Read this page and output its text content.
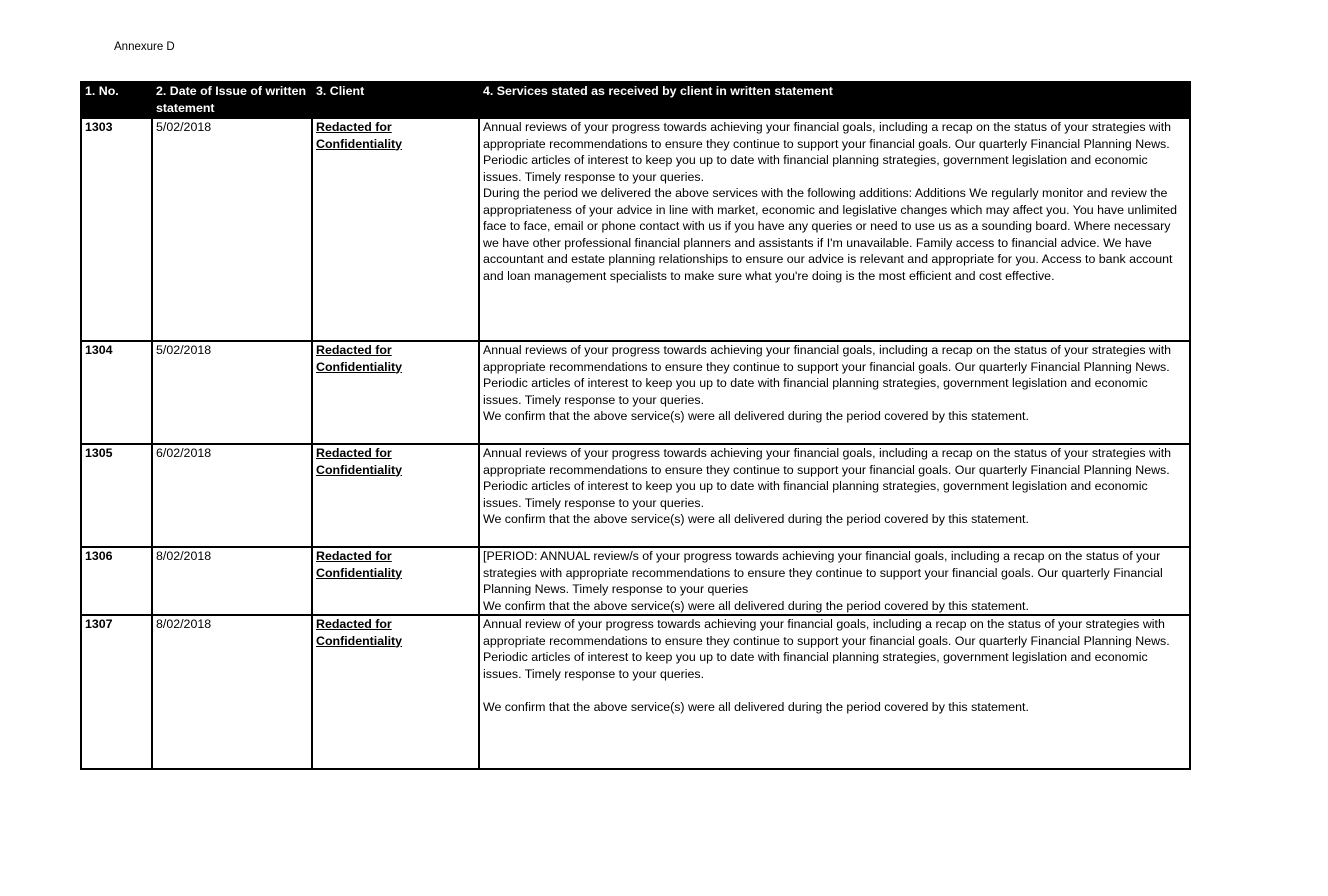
Annexure D
1. No.	2. Date of Issue of written statement	3. Client	4. Services stated as received by client in written statement
1303	5/02/2018	Redacted for Confidentiality	Annual reviews of your progress towards achieving your financial goals, including a recap on the status of your strategies with appropriate recommendations to ensure they continue to support your financial goals. Our quarterly Financial Planning News. Periodic articles of interest to keep you up to date with financial planning strategies, government legislation and economic issues. Timely response to your queries.

During the period we delivered the above services with the following additions: Additions We regularly monitor and review the appropriateness of your advice in line with market, economic and legislative changes which may affect you. You have unlimited face to face, email or phone contact with us if you have any queries or need to use us as a sounding board. Where necessary we have other professional financial planners and assistants if I'm unavailable. Family access to financial advice. We have accountant and estate planning relationships to ensure our advice is relevant and appropriate for you. Access to bank account and loan management specialists to make sure what you're doing is the most efficient and cost effective.

1304	5/02/2018	Redacted for Confidentiality	Annual reviews of your progress towards achieving your financial goals, including a recap on the status of your strategies with appropriate recommendations to ensure they continue to support your financial goals. Our quarterly Financial Planning News. Periodic articles of interest to keep you up to date with financial planning strategies, government legislation and economic issues. Timely response to your queries.

We confirm that the above service(s) were all delivered during the period covered by this statement.

1305	6/02/2018	Redacted for Confidentiality	Annual reviews of your progress towards achieving your financial goals, including a recap on the status of your strategies with appropriate recommendations to ensure they continue to support your financial goals. Our quarterly Financial Planning News. Periodic articles of interest to keep you up to date with financial planning strategies, government legislation and economic issues. Timely response to your queries.

We confirm that the above service(s) were all delivered during the period covered by this statement.

1306	8/02/2018	Redacted for Confidentiality	[PERIOD: ANNUAL review/s of your progress towards achieving your financial goals, including a recap on the status of your strategies with appropriate recommendations to ensure they continue to support your financial goals. Our quarterly Financial Planning News. Timely response to your queries

We confirm that the above service(s) were all delivered during the period covered by this statement.

1307	8/02/2018	Redacted for Confidentiality	Annual review of your progress towards achieving your financial goals, including a recap on the status of your strategies with appropriate recommendations to ensure they continue to support your financial goals. Our quarterly Financial Planning News. Periodic articles of interest to keep you up to date with financial planning strategies, government legislation and economic issues. Timely response to your queries.

We confirm that the above service(s) were all delivered during the period covered by this statement.
